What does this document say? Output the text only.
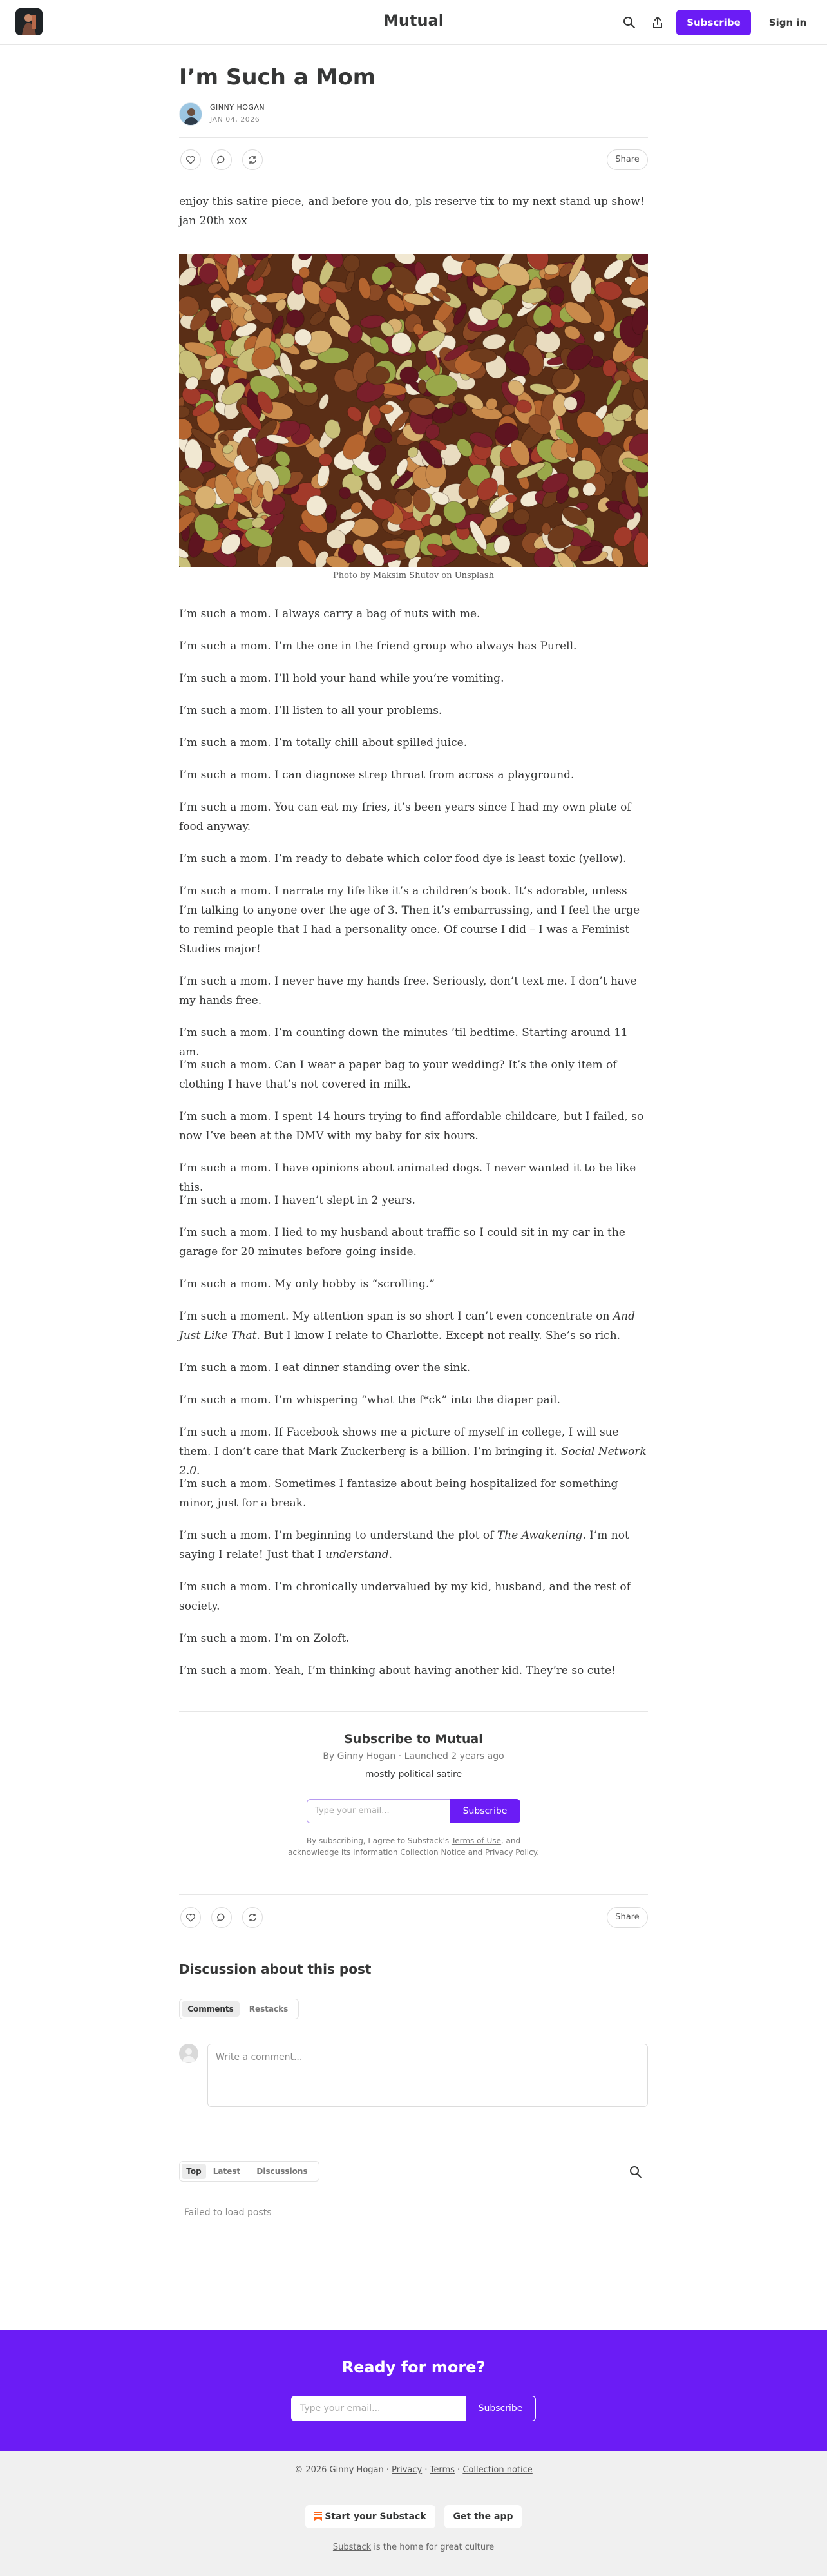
Mutual	Subscribe	Sign in
I’m Such a Mom
GINNY HOGAN
JAN 04, 2026
Share
enjoy this satire piece, and before you do, pls reserve tix to my next stand up show! jan 20th xox
Photo by Maksim Shutov on Unsplash
I’m such a mom. I always carry a bag of nuts with me.
I’m such a mom. I’m the one in the friend group who always has Purell.
I’m such a mom. I’ll hold your hand while you’re vomiting.
I’m such a mom. I’ll listen to all your problems.
I’m such a mom. I’m totally chill about spilled juice.
I’m such a mom. I can diagnose strep throat from across a playground.
I’m such a mom. You can eat my fries, it’s been years since I had my own plate of food anyway.
I’m such a mom. I’m ready to debate which color food dye is least toxic (yellow).
I’m such a mom. I narrate my life like it’s a children’s book. It’s adorable, unless I’m talking to anyone over the age of 3. Then it’s embarrassing, and I feel the urge to remind people that I had a personality once. Of course I did – I was a Feminist Studies major!
I’m such a mom. I never have my hands free. Seriously, don’t text me. I don’t have my hands free.
I’m such a mom. I’m counting down the minutes ’til bedtime. Starting around 11 am.
I’m such a mom. Can I wear a paper bag to your wedding? It’s the only item of clothing I have that’s not covered in milk.
I’m such a mom. I spent 14 hours trying to find affordable childcare, but I failed, so now I’ve been at the DMV with my baby for six hours.
I’m such a mom. I have opinions about animated dogs. I never wanted it to be like this.
I’m such a mom. I haven’t slept in 2 years.
I’m such a mom. I lied to my husband about traffic so I could sit in my car in the garage for 20 minutes before going inside.
I’m such a mom. My only hobby is “scrolling.”
I’m such a moment. My attention span is so short I can’t even concentrate on And Just Like That. But I know I relate to Charlotte. Except not really. She’s so rich.
I’m such a mom. I eat dinner standing over the sink.
I’m such a mom. I’m whispering “what the f*ck” into the diaper pail.
I’m such a mom. If Facebook shows me a picture of myself in college, I will sue them. I don’t care that Mark Zuckerberg is a billion. I’m bringing it. Social Network 2.0.
I’m such a mom. Sometimes I fantasize about being hospitalized for something minor, just for a break.
I’m such a mom. I’m beginning to understand the plot of The Awakening. I’m not saying I relate! Just that I understand.
I’m such a mom. I’m chronically undervalued by my kid, husband, and the rest of society.
I’m such a mom. I’m on Zoloft.
I’m such a mom. Yeah, I’m thinking about having another kid. They’re so cute!
Subscribe to Mutual
By Ginny Hogan · Launched 2 years ago
mostly political satire
Type your email...	Subscribe
By subscribing, I agree to Substack's Terms of Use, and acknowledge its Information Collection Notice and Privacy Policy.
Share
Discussion about this post
Comments	Restacks
Write a comment...
Top	Latest	Discussions
Failed to load posts
Ready for more?
Type your email...	Subscribe
© 2026 Ginny Hogan · Privacy · Terms · Collection notice
Start your Substack	Get the app
Substack is the home for great culture
